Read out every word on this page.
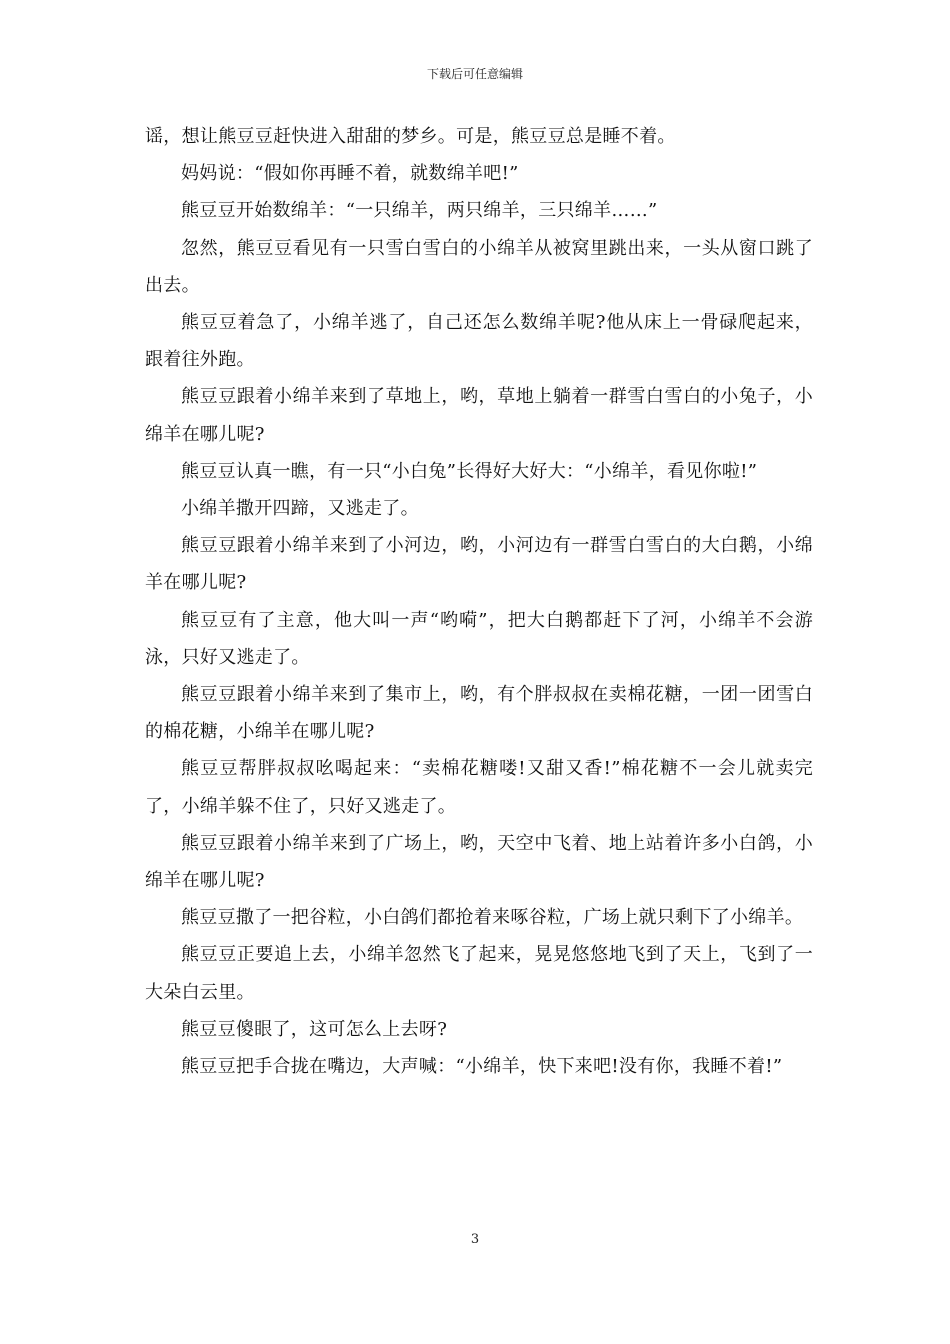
下载后可任意编辑

谣，想让熊豆豆赶快进入甜甜的梦乡。可是，熊豆豆总是睡不着。

妈妈说：“假如你再睡不着，就数绵羊吧!”

熊豆豆开始数绵羊：“一只绵羊，两只绵羊，三只绵羊……”

忽然，熊豆豆看见有一只雪白雪白的小绵羊从被窝里跳出来，一头从窗口跳了出去。

熊豆豆着急了，小绵羊逃了，自己还怎么数绵羊呢?他从床上一骨碌爬起来，跟着往外跑。

熊豆豆跟着小绵羊来到了草地上，哟，草地上躺着一群雪白雪白的小兔子，小绵羊在哪儿呢?

熊豆豆认真一瞧，有一只“小白兔”长得好大好大：“小绵羊，看见你啦!”

小绵羊撒开四蹄，又逃走了。

熊豆豆跟着小绵羊来到了小河边，哟，小河边有一群雪白雪白的大白鹅，小绵羊在哪儿呢?

熊豆豆有了主意，他大叫一声“哟嗬”，把大白鹅都赶下了河，小绵羊不会游泳，只好又逃走了。

熊豆豆跟着小绵羊来到了集市上，哟，有个胖叔叔在卖棉花糖，一团一团雪白的棉花糖，小绵羊在哪儿呢?

熊豆豆帮胖叔叔吆喝起来：“卖棉花糖喽!又甜又香!”棉花糖不一会儿就卖完了，小绵羊躲不住了，只好又逃走了。

熊豆豆跟着小绵羊来到了广场上，哟，天空中飞着、地上站着许多小白鸽，小绵羊在哪儿呢?

熊豆豆撒了一把谷粒，小白鸽们都抢着来啄谷粒，广场上就只剩下了小绵羊。

熊豆豆正要追上去，小绵羊忽然飞了起来，晃晃悠悠地飞到了天上，飞到了一大朵白云里。

熊豆豆傻眼了，这可怎么上去呀?

熊豆豆把手合拢在嘴边，大声喊：“小绵羊，快下来吧!没有你，我睡不着!”

3
